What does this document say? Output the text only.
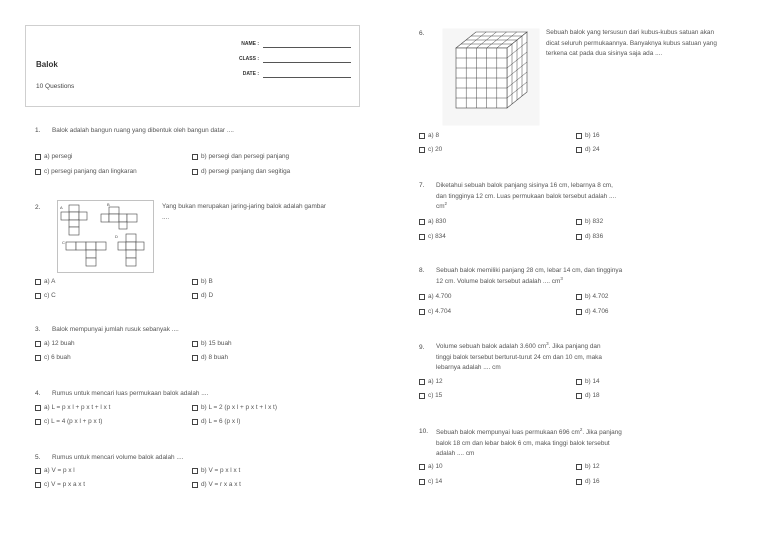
Balok
10 Questions
NAME :
CLASS :
DATE :
1. Balok adalah bangun ruang yang dibentuk oleh bangun datar ....
a) persegi	b) persegi dan persegi panjang
c) persegi panjang dan lingkaran	d) persegi panjang dan segitiga
2.	A
B
C
D
Yang bukan merupakan jaring-jaring balok adalah gambar ....
a) A	b) B
c) C	d) D
3. Balok mempunyai jumlah rusuk sebanyak ....
a) 12 buah	b) 15 buah
c) 6 buah	d) 8 buah
4. Rumus untuk mencari luas permukaan balok adalah ....
a) L = p x l + p x t + l x t	b) L = 2 (p x l + p x t + l x t)
c) L = 4 (p x l + p x t)	d) L = 6 (p x l)
5. Rumus untuk mencari volume balok adalah ....
a) V = p x l	b) V = p x l x t
c) V = p x a x t	d) V = r x a x t
6.	Sebuah balok yang tersusun dari kubus-kubus satuan akan dicat seluruh permukaannya. Banyaknya kubus satuan yang terkena cat pada dua sisinya saja ada ....
a) 8	b) 16
c) 20	d) 24
7. Diketahui sebuah balok panjang sisinya 16 cm, lebarnya 8 cm, dan tingginya 12 cm. Luas permukaan balok tersebut adalah .... $cm^2$
a) 830	b) 832
c) 834	d) 836
8. Sebuah balok memiliki panjang 28 cm, lebar 14 cm, dan tingginya 12 cm. Volume balok tersebut adalah .... $cm^3$
a) 4.700	b) 4.702
c) 4.704	d) 4.706
9. Volume sebuah balok adalah 3.600 $cm^3$. Jika panjang dan tinggi balok tersebut berturut-turut 24 cm dan 10 cm, maka lebarnya adalah .... cm
a) 12	b) 14
c) 15	d) 18
10. Sebuah balok mempunyai luas permukaan 696 $cm^2$. Jika panjang balok 18 cm dan lebar balok 6 cm, maka tinggi balok tersebut adalah .... cm
a) 10	b) 12
c) 14	d) 16
